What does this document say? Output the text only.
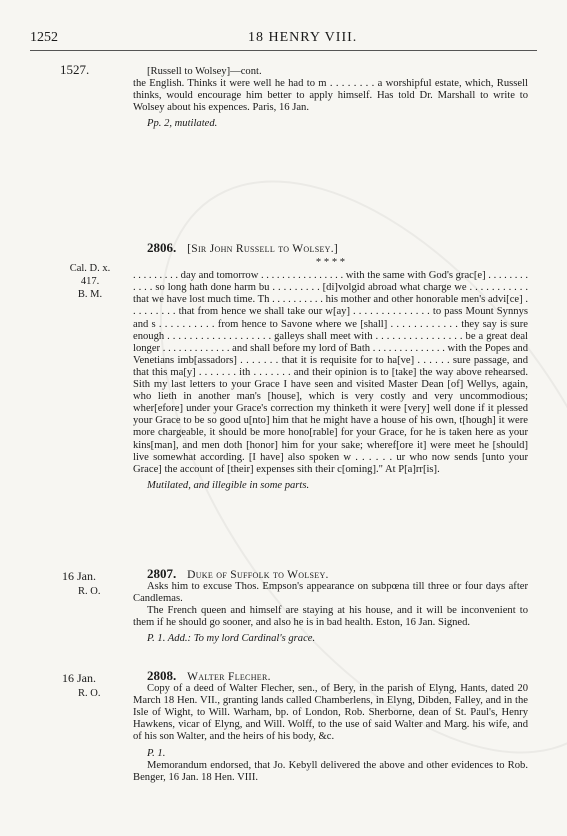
1252	18 HENRY VIII.
1527.	[Russell to Wolsey]—cont.

the English. Thinks it were well he had to m . . . . . . . . a worshipful estate, which, Russell thinks, would encourage him better to apply himself. Has told Dr. Marshall to write to Wolsey about his expences. Paris, 16 Jan.

Pp. 2, mutilated.

Cal. D. x. 417.
B. M.

2806. [Sir John Russell to Wolsey.]

* * * *

. . . . . . . . . day and tomorrow . . . . . . . . . . . . . . . . with the same with God's grac[e] . . . . . . . . . . . . so long hath done harm bu . . . . . . . . . [di]volgid abroad what charge we . . . . . . . . . . . that we have lost much time. Th . . . . . . . . . . his mother and other honorable men's advi[ce] . . . . . . . . . that from hence we shall take our w[ay] . . . . . . . . . . . . . . to pass Mount Synnys and s . . . . . . . . . . from hence to Savone where we [shall] . . . . . . . . . . . . they say is sure enough . . . . . . . . . . . . . . . . . . . galleys shall meet with . . . . . . . . . . . . . . . . be a great deal longer . . . . . . . . . . . . . and shall before my lord of Bath . . . . . . . . . . . . . . with the Popes and Venetians imb[assadors] . . . . . . . that it is requisite for to ha[ve] . . . . . . sure passage, and that this ma[y] . . . . . . . ith . . . . . . . and their opinion is to [take] the way above rehearsed. Sith my last letters to your Grace I have seen and visited Master Dean [of] Wellys, again, who lieth in another man's [house], which is very costly and very uncommodious; wher[efore] under your Grace's correction my thinketh it were [very] well done if it plessed your Grace to be so good u[nto] him that he might have a house of his own, t[hough] it were more chargeable, it should be more hono[rable] for your Grace, for he is taken here as your kins[man], and men doth [honor] him for your sake; wheref[ore it] were meet he [should] live somewhat according. [I have] also spoken w . . . . . . ur who now sends [unto your Grace] the account of [their] expenses sith their c[oming]." At P[a]rr[is].

Mutilated, and illegible in some parts.

16 Jan.
R. O.

2807. Duke of Suffolk to Wolsey.

Asks him to excuse Thos. Empson's appearance on subpœna till three or four days after Candlemas.

The French queen and himself are staying at his house, and it will be inconvenient to them if he should go sooner, and also he is in bad health. Eston, 16 Jan. Signed.

P. 1. Add.: To my lord Cardinal's grace.

16 Jan.
R. O.

2808. Walter Flecher.

Copy of a deed of Walter Flecher, sen., of Bery, in the parish of Elyng, Hants, dated 20 March 18 Hen. VII., granting lands called Chamberlens, in Elyng, Dibden, Falley, and in the Isle of Wight, to Will. Warham, bp. of London, Rob. Sherborne, dean of St. Paul's, Henry Hawkens, vicar of Elyng, and Will. Wolff, to the use of said Walter and Marg. his wife, and of his son Walter, and the heirs of his body, &c.

P. 1.

Memorandum endorsed, that Jo. Kebyll delivered the above and other evidences to Rob. Benger, 16 Jan. 18 Hen. VIII.
